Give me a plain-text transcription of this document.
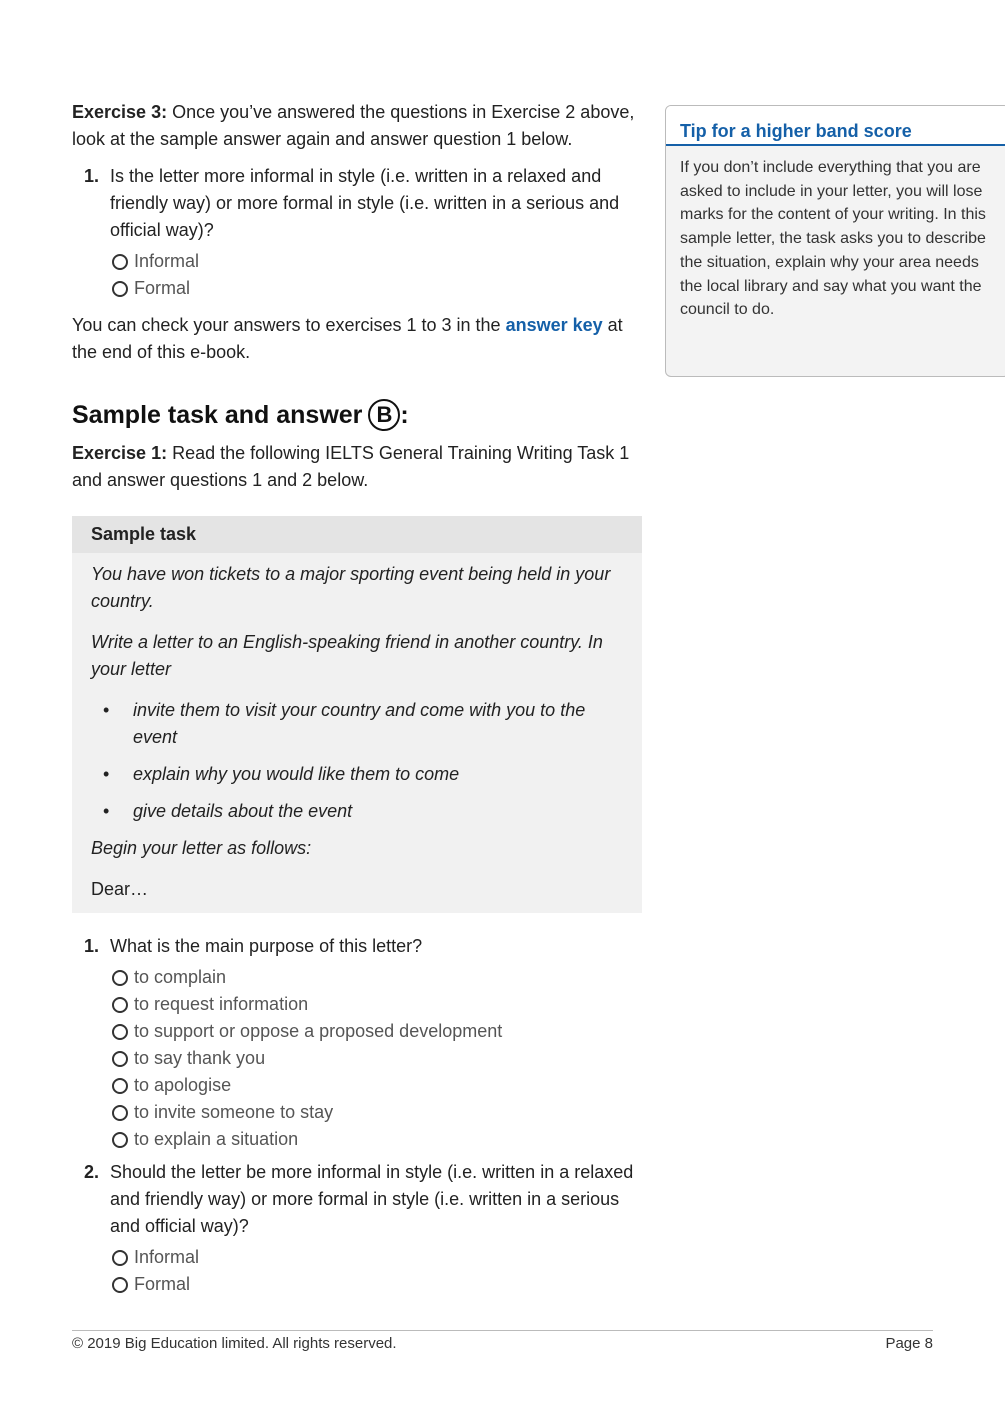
Exercise 3: Once you’ve answered the questions in Exercise 2 above, look at the sample answer again and answer question 1 below.

1. Is the letter more informal in style (i.e. written in a relaxed and friendly way) or more formal in style (i.e. written in a serious and official way)?
Informal
Formal

You can check your answers to exercises 1 to 3 in the answer key at the end of this e-book.

Sample task and answer B :

Exercise 1: Read the following IELTS General Training Writing Task 1 and answer questions 1 and 2 below.

Sample task

You have won tickets to a major sporting event being held in your country.

Write a letter to an English-speaking friend in another country. In your letter

•	invite them to visit your country and come with you to the event
•	explain why you would like them to come
•	give details about the event

Begin your letter as follows:

Dear…

1. What is the main purpose of this letter?
to complain
to request information
to support or oppose a proposed development
to say thank you
to apologise
to invite someone to stay
to explain a situation
2. Should the letter be more informal in style (i.e. written in a relaxed and friendly way) or more formal in style (i.e. written in a serious and official way)?
Informal
Formal
Tip for a higher band score
If you don’t include everything that you are asked to include in your letter, you will lose marks for the content of your writing. In this sample letter, the task asks you to describe the situation, explain why your area needs the local library and say what you want the council to do.
© 2019 Big Education limited. All rights reserved.	Page 8
